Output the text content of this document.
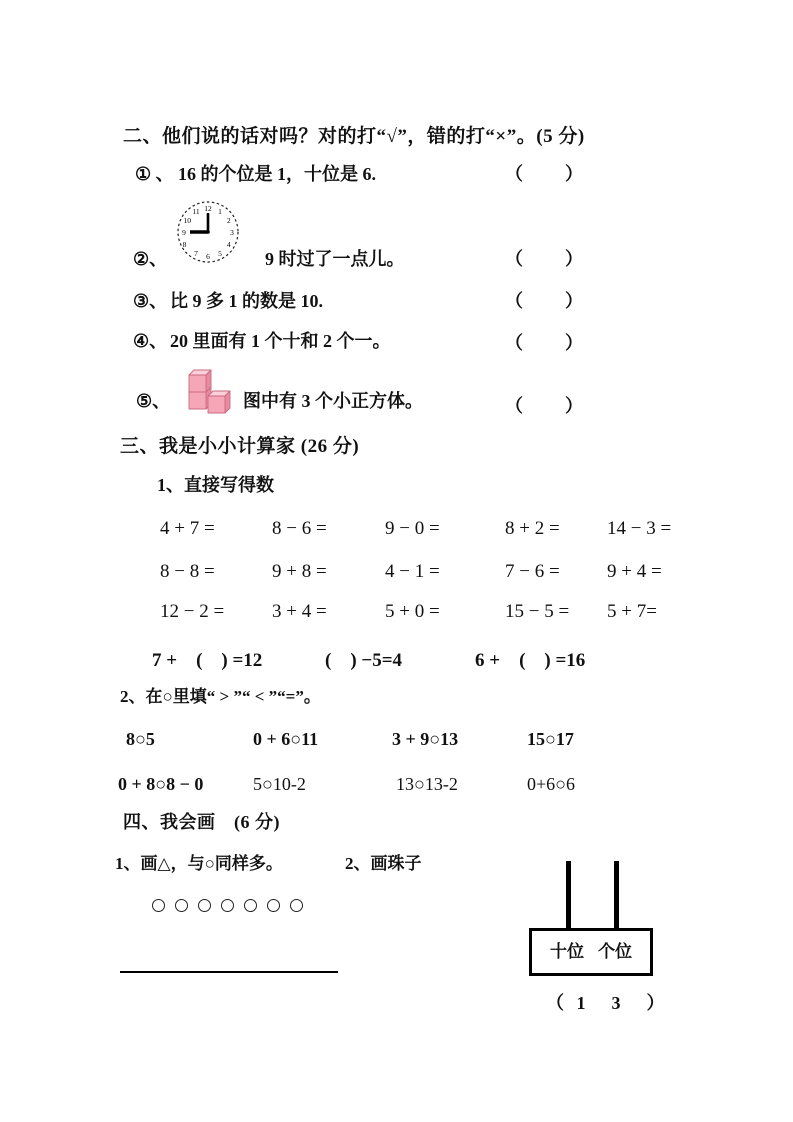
二、他们说的话对吗？对的打“√”，错的打“×”。(5 分)
① 、 16 的个位是 1，十位是 6.	（　　）
12 1
2
3
4
5
6
7
8
9
10
11
②、	9 时过了一点儿。	（　　）
③、 比 9 多 1 的数是 10.	（　　）
④、 20 里面有 1 个十和 2 个一。	（　　）
⑤、	图中有 3 个小正方体。	（　　）
三、我是小小计算家 (26 分)
1、直接写得数
4 + 7 =	8 − 6 =	9 − 0 =	8 + 2 = 14 − 3 =
8 − 8 =	9 + 8 =	4 − 1 =	7 − 6 = 9 + 4 =
12 − 2 =	3 + 4 =	5 + 0 =	15 − 5 = 5 + 7=
7 +　(　) =12	(　) −5=4	6 +　(　) =16
2、在○里填“ > ”“ < ”“=”。
8○5	0 + 6○11	3 + 9○13	15○17
0 + 8○8 − 0	5○10-2	13○13-2	0+6○6
四、我会画　(6 分)
1、画△，与○同样多。	2、画珠子
十位 个位
（ 1　3　）
